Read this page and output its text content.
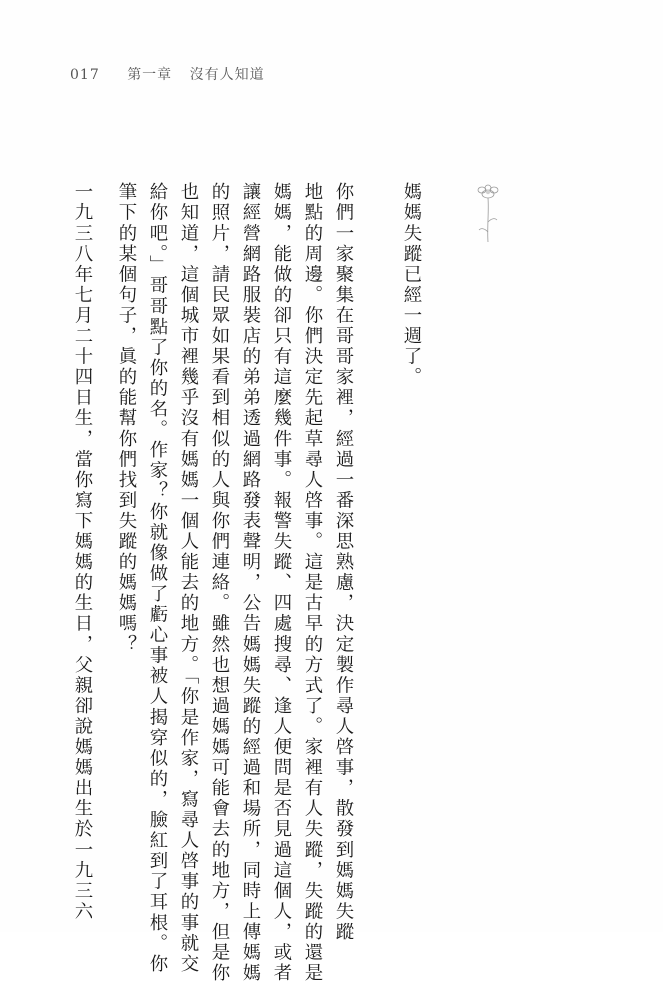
017 第一章 沒有人知道
媽媽失蹤已經一週了。
你們一家聚集在哥哥家裡，經過一番深思熟慮，決定製作尋人啓事，散發到媽媽失蹤
地點的周邊。你們決定先起草尋人啓事。這是古早的方式了。家裡有人失蹤，失蹤的還是
媽媽，能做的卻只有這麼幾件事。報警失蹤、四處搜尋、逢人便問是否見過這個人，或者
讓經營網路服裝店的弟弟透過網路發表聲明，公告媽媽失蹤的經過和場所，同時上傳媽媽
的照片，請民眾如果看到相似的人與你們連絡。雖然也想過媽媽可能會去的地方，但是你
也知道，這個城市裡幾乎沒有媽媽一個人能去的地方。「你是作家，寫尋人啓事的事就交
給你吧。」哥哥點了你的名。作家？你就像做了虧心事被人揭穿似的，臉紅到了耳根。你
筆下的某個句子，眞的能幫你們找到失蹤的媽媽嗎？
一九三八年七月二十四日生，當你寫下媽媽的生日，父親卻說媽媽出生於一九三六
